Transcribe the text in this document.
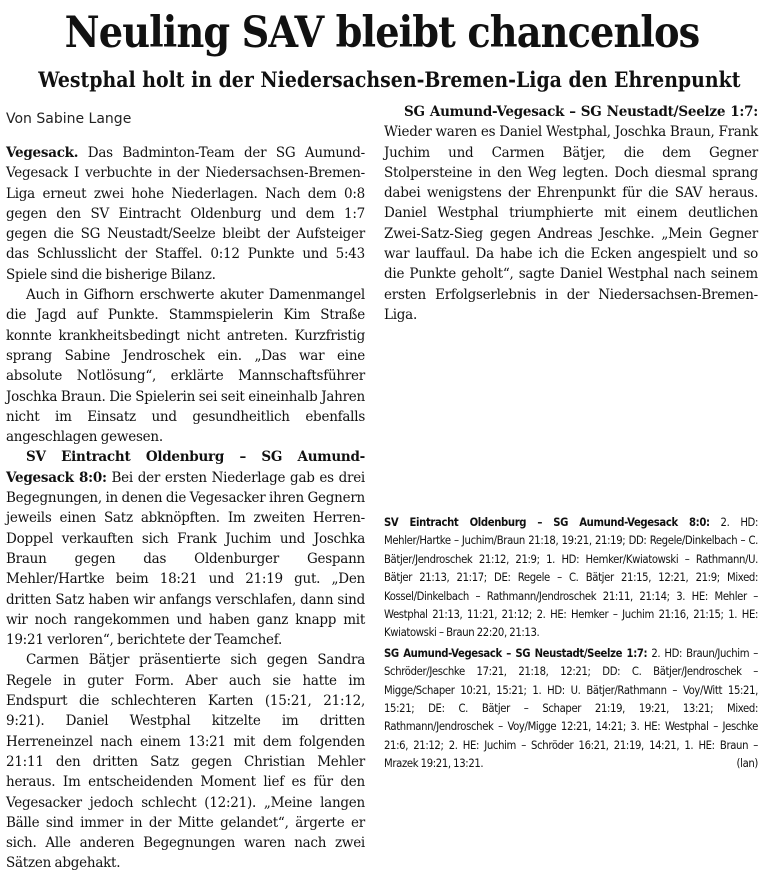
Neuling SAV bleibt chancenlos
Westphal holt in der Niedersachsen-Bremen-Liga den Ehrenpunkt
Von Sabine Lange

Vegesack. Das Badminton-Team der SG Aumund-Vegesack I verbuchte in der Niedersachsen-Bremen-Liga erneut zwei hohe Niederlagen. Nach dem 0:8 gegen den SV Eintracht Oldenburg und dem 1:7 gegen die SG Neustadt/Seelze bleibt der Aufsteiger das Schlusslicht der Staffel. 0:12 Punkte und 5:43 Spiele sind die bisherige Bilanz.

Auch in Gifhorn erschwerte akuter Damenmangel die Jagd auf Punkte. Stammspielerin Kim Straße konnte krankheitsbedingt nicht antreten. Kurzfristig sprang Sabine Jendroschek ein. „Das war eine absolute Notlösung“, erklärte Mannschaftsführer Joschka Braun. Die Spielerin sei seit eineinhalb Jahren nicht im Einsatz und gesundheitlich ebenfalls angeschlagen gewesen.

SV Eintracht Oldenburg – SG Aumund-Vegesack 8:0: Bei der ersten Niederlage gab es drei Begegnungen, in denen die Vegesacker ihren Gegnern jeweils einen Satz abknöpften. Im zweiten Herren-Doppel verkauften sich Frank Juchim und Joschka Braun gegen das Oldenburger Gespann Mehler/Hartke beim 18:21 und 21:19 gut. „Den dritten Satz haben wir anfangs verschlafen, dann sind wir noch rangekommen und haben ganz knapp mit 19:21 verloren“, berichtete der Teamchef.

Carmen Bätjer präsentierte sich gegen Sandra Regele in guter Form. Aber auch sie hatte im Endspurt die schlechteren Karten (15:21, 21:12, 9:21). Daniel Westphal kitzelte im dritten Herreneinzel nach einem 13:21 mit dem folgenden 21:11 den dritten Satz gegen Christian Mehler heraus. Im entscheidenden Moment lief es für den Vegesacker jedoch schlecht (12:21). „Meine langen Bälle sind immer in der Mitte gelandet“, ärgerte er sich. Alle anderen Begegnungen waren nach zwei Sätzen abgehakt.

SG Aumund-Vegesack – SG Neustadt/Seelze 1:7: Wieder waren es Daniel Westphal, Joschka Braun, Frank Juchim und Carmen Bätjer, die dem Gegner Stolpersteine in den Weg legten. Doch diesmal sprang dabei wenigstens der Ehrenpunkt für die SAV heraus. Daniel Westphal triumphierte mit einem deutlichen Zwei-Satz-Sieg gegen Andreas Jeschke. „Mein Gegner war lauffaul. Da habe ich die Ecken angespielt und so die Punkte geholt“, sagte Daniel Westphal nach seinem ersten Erfolgserlebnis in der Niedersachsen-Bremen-Liga.

SV Eintracht Oldenburg – SG Aumund-Vegesack 8:0: 2. HD: Mehler/Hartke – Juchim/Braun 21:18, 19:21, 21:19; DD: Regele/Dinkelbach – C. Bätjer/Jendroschek 21:12, 21:9; 1. HD: Hemker/Kwiatowski – Rathmann/U. Bätjer 21:13, 21:17; DE: Regele – C. Bätjer 21:15, 12:21, 21:9; Mixed: Kossel/Dinkelbach – Rathmann/Jendroschek 21:11, 21:14; 3. HE: Mehler – Westphal 21:13, 11:21, 21:12; 2. HE: Hemker – Juchim 21:16, 21:15; 1. HE: Kwiatowski – Braun 22:20, 21:13.

SG Aumund-Vegesack – SG Neustadt/Seelze 1:7: 2. HD: Braun/Juchim – Schröder/Jeschke 17:21, 21:18, 12:21; DD: C. Bätjer/Jendroschek – Migge/Schaper 10:21, 15:21; 1. HD: U. Bätjer/Rathmann – Voy/Witt 15:21, 15:21; DE: C. Bätjer – Schaper 21:19, 19:21, 13:21; Mixed: Rathmann/Jendroschek – Voy/Migge 12:21, 14:21; 3. HE: Westphal – Jeschke 21:6, 21:12; 2. HE: Juchim – Schröder 16:21, 21:19, 14:21, 1. HE: Braun – Mrazek 19:21, 13:21.	(lan)
